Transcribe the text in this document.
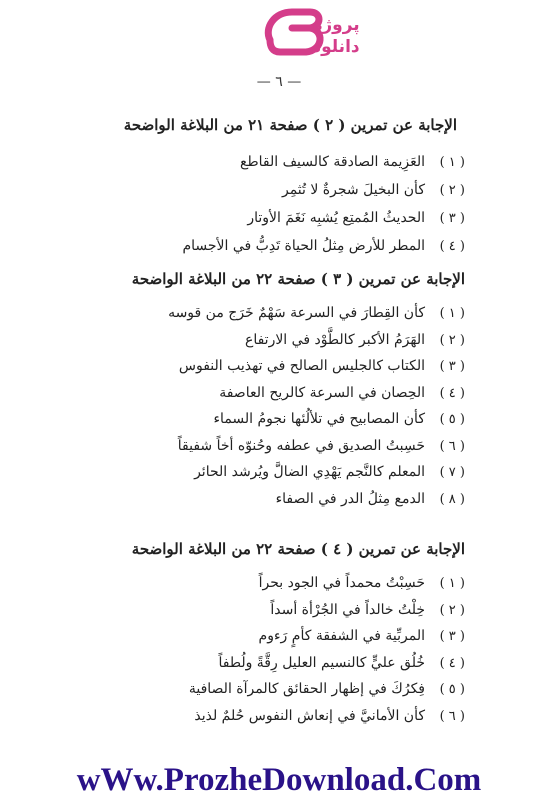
پروژه
دانلود
— ٦ —

الإجابة عن تمرين ( ٢ ) صفحة ٢١ من البلاغة الواضحة

( ١ )
العَزِيمة الصادقة كالسيف القاطع
( ٢ )
كأن البخيلَ شجرةٌ لا تُثمِر
( ٣ )
الحديثُ المُمتِع يُشبِه نَغَمَ الأوتار
( ٤ )
المطر للأرض مِثلُ الحياة تَدِبُّ في الأجسام

الإجابة عن تمرين ( ٣ ) صفحة ٢٢ من البلاغة الواضحة

( ١ )
كأن القِطارَ في السرعة سَهْمٌ خَرَج من قوسه
( ٢ )
الهَرَمُ الأكبر كالطَّوْد في الارتفاع
( ٣ )
الكتاب كالجليس الصالح في تهذيب النفوس
( ٤ )
الحِصان في السرعة كالريح العاصفة
( ٥ )
كأن المصابيح في تلألُئها نجومُ السماء
( ٦ )
حَسِبتُ الصديق في عطفه وحُنوّه أخاً شفيقاً
( ٧ )
المعلم كالنَّجم يَهْدِي الضالَّ ويُرشد الحائر
( ٨ )
الدمع مِثلُ الدر في الصفاء

الإجابة عن تمرين ( ٤ ) صفحة ٢٢ من البلاغة الواضحة

( ١ )
حَسِبْتُ محمداً في الجود بحراً
( ٢ )
خِلْتُ خالداً في الجُرْأة أسداً
( ٣ )
المربِّية في الشفقة كأمٍ رَءوم
( ٤ )
خُلُق عليٍّ كالنسيم العليل رِقَّةً ولُطفاً
( ٥ )
فِكرُكَ في إظهار الحقائق كالمرآة الصافية
( ٦ )
كأن الأمانيَّ في إنعاش النفوس حُلمٌ لذيذ
wWw.ProzheDownload.Com
